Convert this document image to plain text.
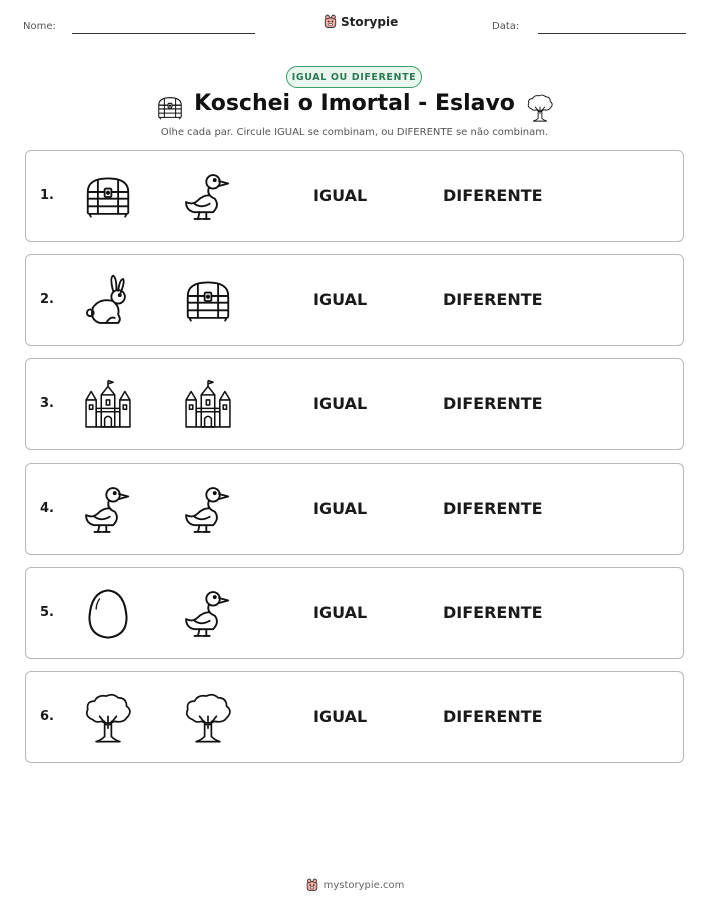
Nome:	Storypie	Data:
IGUAL OU DIFERENTE
Koschei o Imortal - Eslavo
Olhe cada par. Circule IGUAL se combinam, ou DIFERENTE se não combinam.
1.	IGUAL	DIFERENTE
2.	IGUAL	DIFERENTE
3.	IGUAL	DIFERENTE
4.	IGUAL	DIFERENTE
5.	IGUAL	DIFERENTE
6.	IGUAL	DIFERENTE
mystorypie.com
